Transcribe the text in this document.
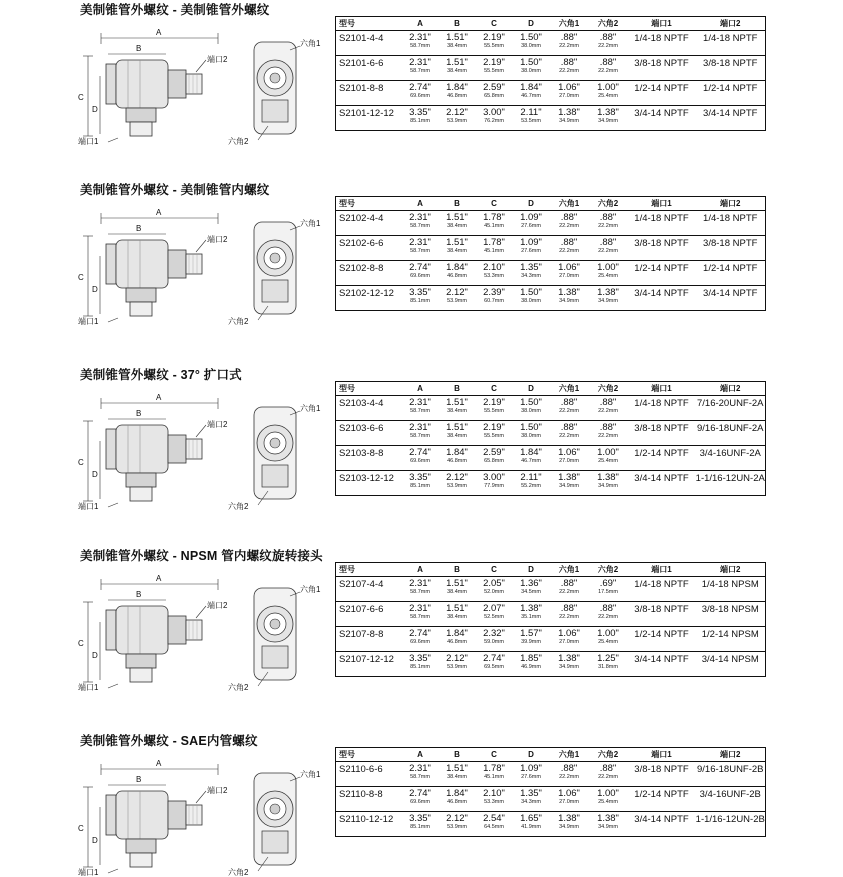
美制锥管外螺纹 - 美制锥管外螺纹
A
B
C
D
端口2
端口1
六角1
六角2
型号	A	B	C	D	六角1	六角2	端口1	端口2
S2101-4-4	2.31"
58.7mm	1.51"
38.4mm	2.19"
55.5mm	1.50"
38.0mm	.88"
22.2mm	.88"
22.2mm	1/4-18 NPTF	1/4-18 NPTF
S2101-6-6	2.31"
58.7mm	1.51"
38.4mm	2.19"
55.5mm	1.50"
38.0mm	.88"
22.2mm	.88"
22.2mm	3/8-18 NPTF	3/8-18 NPTF
S2101-8-8	2.74"
69.6mm	1.84"
46.8mm	2.59"
65.8mm	1.84"
46.7mm	1.06"
27.0mm	1.00"
25.4mm	1/2-14 NPTF	1/2-14 NPTF
S2101-12-12	3.35"
85.1mm	2.12"
53.9mm	3.00"
76.2mm	2.11"
53.5mm	1.38"
34.9mm	1.38"
34.9mm	3/4-14 NPTF	3/4-14 NPTF
美制锥管外螺纹 - 美制锥管内螺纹
A
B
C
D
端口2
端口1
六角1
六角2
型号	A	B	C	D	六角1	六角2	端口1	端口2
S2102-4-4	2.31"
58.7mm	1.51"
38.4mm	1.78"
45.1mm	1.09"
27.6mm	.88"
22.2mm	.88"
22.2mm	1/4-18 NPTF	1/4-18 NPTF
S2102-6-6	2.31"
58.7mm	1.51"
38.4mm	1.78"
45.1mm	1.09"
27.6mm	.88"
22.2mm	.88"
22.2mm	3/8-18 NPTF	3/8-18 NPTF
S2102-8-8	2.74"
69.6mm	1.84"
46.8mm	2.10"
53.3mm	1.35"
34.3mm	1.06"
27.0mm	1.00"
25.4mm	1/2-14 NPTF	1/2-14 NPTF
S2102-12-12	3.35"
85.1mm	2.12"
53.9mm	2.39"
60.7mm	1.50"
38.0mm	1.38"
34.9mm	1.38"
34.9mm	3/4-14 NPTF	3/4-14 NPTF
美制锥管外螺纹 - 37° 扩口式
A
B
C
D
端口2
端口1
六角1
六角2
型号	A	B	C	D	六角1	六角2	端口1	端口2
S2103-4-4	2.31"
58.7mm	1.51"
38.4mm	2.19"
55.5mm	1.50"
38.0mm	.88"
22.2mm	.88"
22.2mm	1/4-18 NPTF	7/16-20UNF-2A
S2103-6-6	2.31"
58.7mm	1.51"
38.4mm	2.19"
55.5mm	1.50"
38.0mm	.88"
22.2mm	.88"
22.2mm	3/8-18 NPTF	9/16-18UNF-2A
S2103-8-8	2.74"
69.6mm	1.84"
46.8mm	2.59"
65.8mm	1.84"
46.7mm	1.06"
27.0mm	1.00"
25.4mm	1/2-14 NPTF	3/4-16UNF-2A
S2103-12-12	3.35"
85.1mm	2.12"
53.9mm	3.00"
77.9mm	2.11"
55.2mm	1.38"
34.9mm	1.38"
34.9mm	3/4-14 NPTF	1-1/16-12UN-2A
美制锥管外螺纹 - NPSM 管内螺纹旋转接头
A
B
C
D
端口2
端口1
六角1
六角2
型号	A	B	C	D	六角1	六角2	端口1	端口2
S2107-4-4	2.31"
58.7mm	1.51"
38.4mm	2.05"
52.0mm	1.36"
34.5mm	.88"
22.2mm	.69"
17.5mm	1/4-18 NPTF	1/4-18 NPSM
S2107-6-6	2.31"
58.7mm	1.51"
38.4mm	2.07"
52.5mm	1.38"
35.1mm	.88"
22.2mm	.88"
22.2mm	3/8-18 NPTF	3/8-18 NPSM
S2107-8-8	2.74"
69.6mm	1.84"
46.8mm	2.32"
59.0mm	1.57"
39.9mm	1.06"
27.0mm	1.00"
25.4mm	1/2-14 NPTF	1/2-14 NPSM
S2107-12-12	3.35"
85.1mm	2.12"
53.9mm	2.74"
69.5mm	1.85"
46.9mm	1.38"
34.9mm	1.25"
31.8mm	3/4-14 NPTF	3/4-14 NPSM
美制锥管外螺纹 - SAE内管螺纹
A
B
C
D
端口2
端口1
六角1
六角2
型号	A	B	C	D	六角1	六角2	端口1	端口2
S2110-6-6	2.31"
58.7mm	1.51"
38.4mm	1.78"
45.1mm	1.09"
27.6mm	.88"
22.2mm	.88"
22.2mm	3/8-18 NPTF	9/16-18UNF-2B
S2110-8-8	2.74"
69.6mm	1.84"
46.8mm	2.10"
53.3mm	1.35"
34.3mm	1.06"
27.0mm	1.00"
25.4mm	1/2-14 NPTF	3/4-16UNF-2B
S2110-12-12	3.35"
85.1mm	2.12"
53.9mm	2.54"
64.5mm	1.65"
41.9mm	1.38"
34.9mm	1.38"
34.9mm	3/4-14 NPTF	1-1/16-12UN-2B
